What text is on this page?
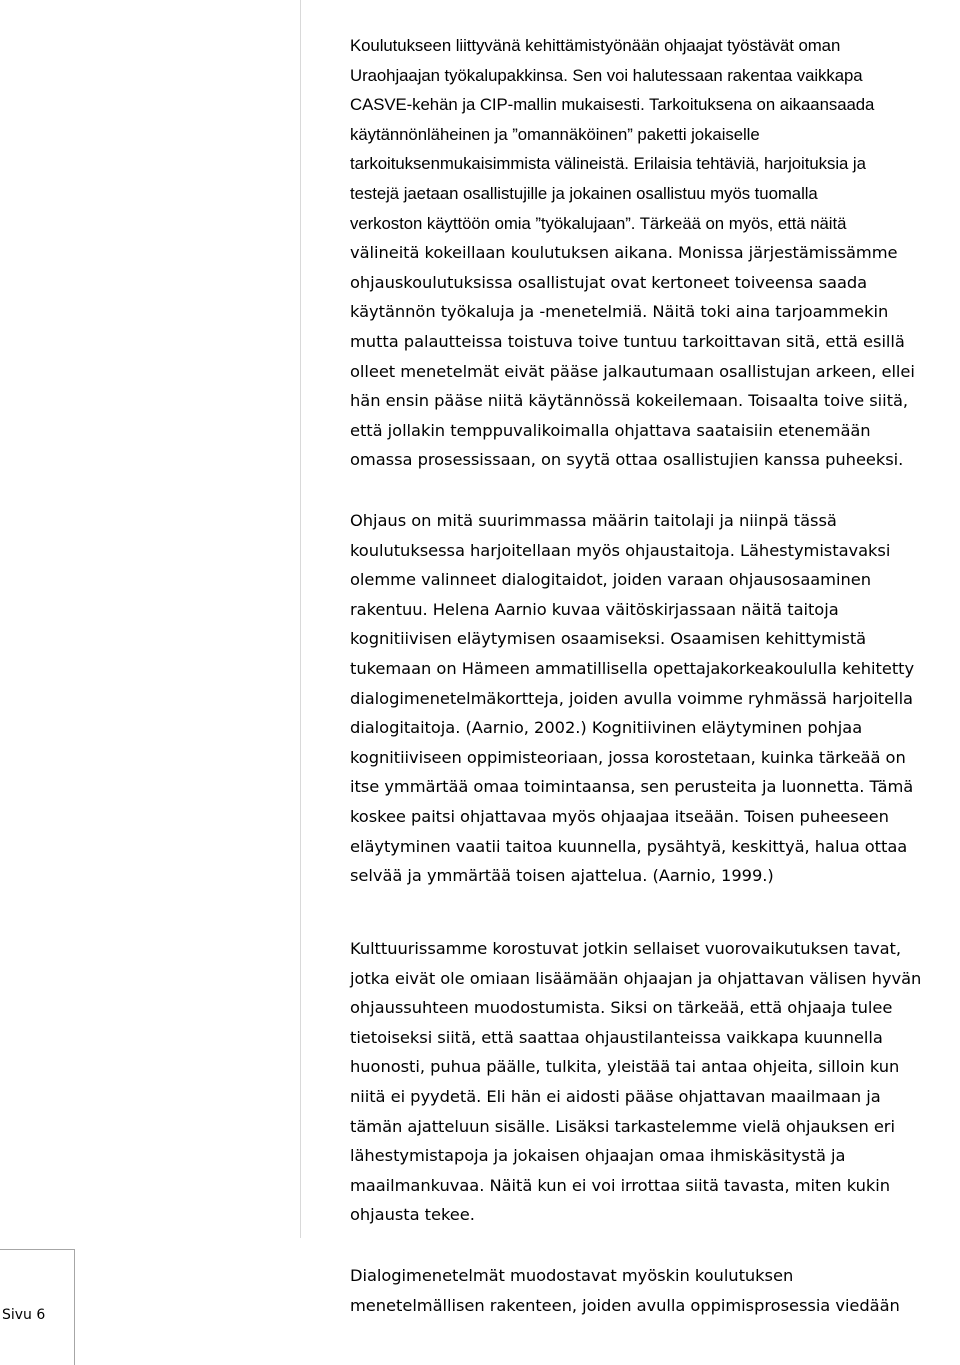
Sivu 6
Koulutukseen liittyvänä kehittämistyönään ohjaajat työstävät oman
Uraohjaajan työkalupakkinsa. Sen voi halutessaan rakentaa vaikkapa
CASVE-kehän ja CIP-mallin mukaisesti. Tarkoituksena on aikaansaada
käytännönläheinen ja ”omannäköinen” paketti jokaiselle
tarkoituksenmukaisimmista välineistä. Erilaisia tehtäviä, harjoituksia ja
testejä jaetaan osallistujille ja jokainen osallistuu myös tuomalla
verkoston käyttöön omia ”työkalujaan”. Tärkeää on myös, että näitä
välineitä kokeillaan koulutuksen aikana. Monissa järjestämissämme
ohjauskoulutuksissa osallistujat ovat kertoneet toiveensa saada
käytännön työkaluja ja -menetelmiä. Näitä toki aina tarjoammekin
mutta palautteissa toistuva toive tuntuu tarkoittavan sitä, että esillä
olleet menetelmät eivät pääse jalkautumaan osallistujan arkeen, ellei
hän ensin pääse niitä käytännössä kokeilemaan. Toisaalta toive siitä,
että jollakin temppuvalikoimalla ohjattava saataisiin etenemään
omassa prosessissaan, on syytä ottaa osallistujien kanssa puheeksi.
Ohjaus on mitä suurimmassa määrin taitolaji ja niinpä tässä
koulutuksessa harjoitellaan myös ohjaustaitoja. Lähestymistavaksi
olemme valinneet dialogitaidot, joiden varaan ohjausosaaminen
rakentuu. Helena Aarnio kuvaa väitöskirjassaan näitä taitoja
kognitiivisen eläytymisen osaamiseksi. Osaamisen kehittymistä
tukemaan on Hämeen ammatillisella opettajakorkeakoululla kehitetty
dialogimenetelmäkortteja, joiden avulla voimme ryhmässä harjoitella
dialogitaitoja. (Aarnio, 2002.) Kognitiivinen eläytyminen pohjaa
kognitiiviseen oppimisteoriaan, jossa korostetaan, kuinka tärkeää on
itse ymmärtää omaa toimintaansa, sen perusteita ja luonnetta. Tämä
koskee paitsi ohjattavaa myös ohjaajaa itseään. Toisen puheeseen
eläytyminen vaatii taitoa kuunnella, pysähtyä, keskittyä, halua ottaa
selvää ja ymmärtää toisen ajattelua. (Aarnio, 1999.)
Kulttuurissamme korostuvat jotkin sellaiset vuorovaikutuksen tavat,
jotka eivät ole omiaan lisäämään ohjaajan ja ohjattavan välisen hyvän
ohjaussuhteen muodostumista. Siksi on tärkeää, että ohjaaja tulee
tietoiseksi siitä, että saattaa ohjaustilanteissa vaikkapa kuunnella
huonosti, puhua päälle, tulkita, yleistää tai antaa ohjeita, silloin kun
niitä ei pyydetä. Eli hän ei aidosti pääse ohjattavan maailmaan ja
tämän ajatteluun sisälle. Lisäksi tarkastelemme vielä ohjauksen eri
lähestymistapoja ja jokaisen ohjaajan omaa ihmiskäsitystä ja
maailmankuvaa. Näitä kun ei voi irrottaa siitä tavasta, miten kukin
ohjausta tekee.
Dialogimenetelmät muodostavat myöskin koulutuksen
menetelmällisen rakenteen, joiden avulla oppimisprosessia viedään
